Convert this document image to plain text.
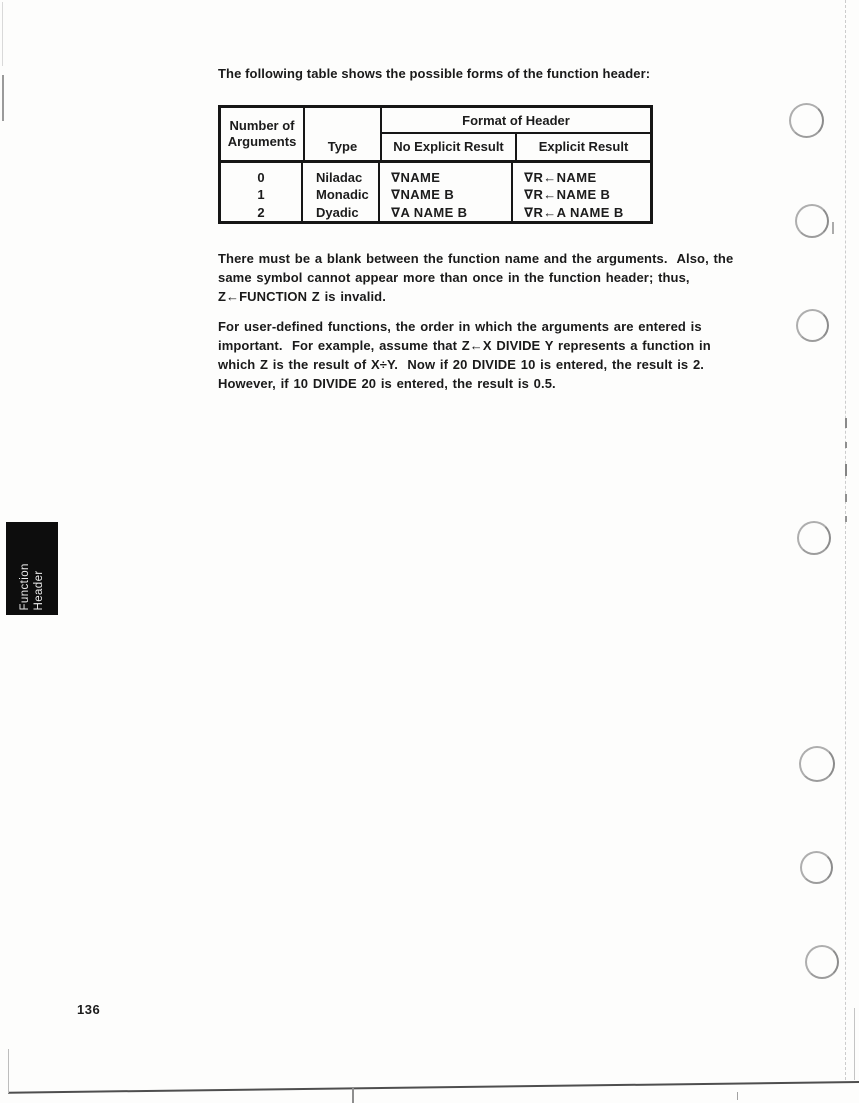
The following table shows the possible forms of the function header:
Number of
Arguments Type
Format of Header
No Explicit Result	Explicit Result
0
1
2
Niladac
Monadic
Dyadic
∇NAME
∇NAME B
∇A NAME B
∇R←NAME
∇R←NAME B
∇R←A NAME B
There must be a blank between the function name and the arguments.  Also, the
same symbol cannot appear more than once in the function header; thus,
Z←FUNCTION Z is invalid.
For user-defined functions, the order in which the arguments are entered is
important.  For example, assume that Z←X DIVIDE Y represents a function in
which Z is the result of X÷Y.  Now if 20 DIVIDE 10 is entered, the result is 2.
However, if 10 DIVIDE 20 is entered, the result is 0.5.
Function Header
136
